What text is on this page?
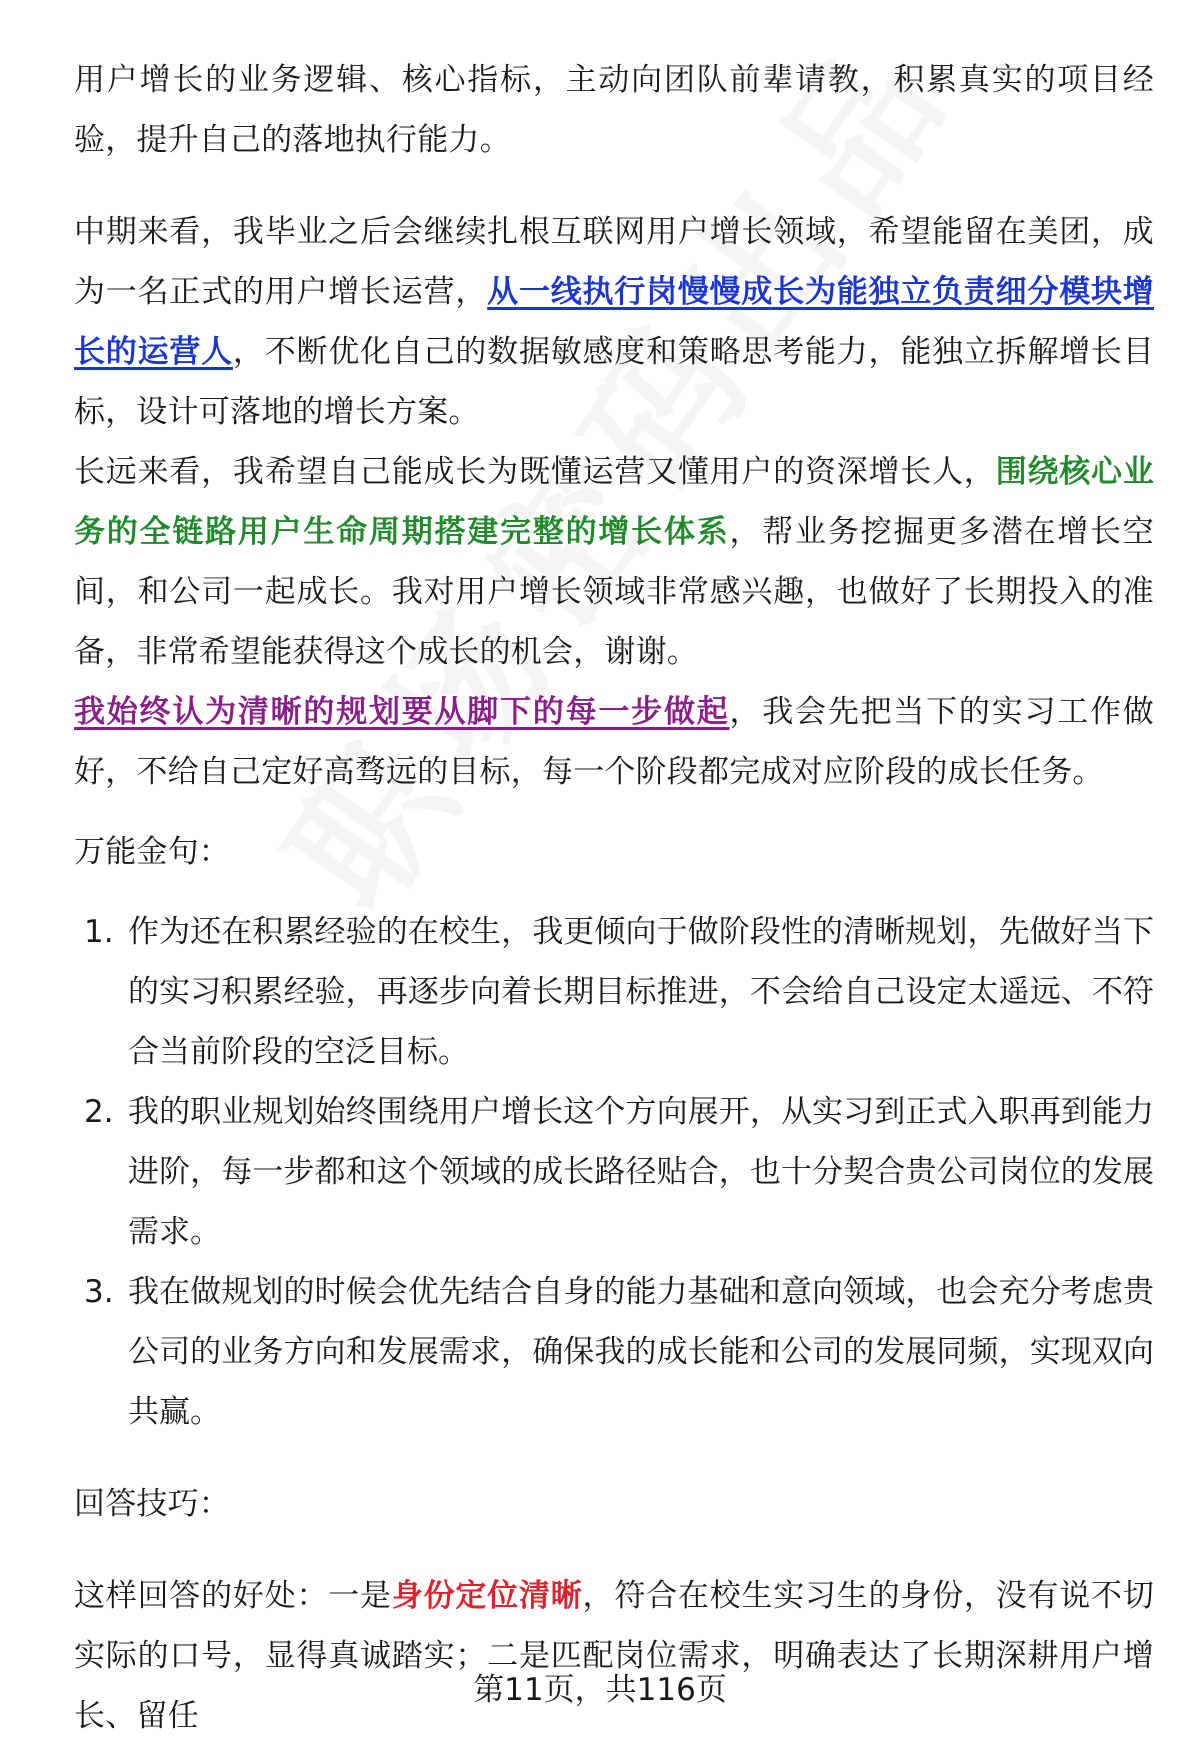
用户增长的业务逻辑、核心指标，主动向团队前辈请教，积累真实的项目经验，提升自己的落地执行能力。

中期来看，我毕业之后会继续扎根互联网用户增长领域，希望能留在美团，成为一名正式的用户增长运营，从一线执行岗慢慢成长为能独立负责细分模块增长的运营人，不断优化自己的数据敏感度和策略思考能力，能独立拆解增长目标，设计可落地的增长方案。

长远来看，我希望自己能成长为既懂运营又懂用户的资深增长人，围绕核心业务的全链路用户生命周期搭建完整的增长体系，帮业务挖掘更多潜在增长空间，和公司一起成长。我对用户增长领域非常感兴趣，也做好了长期投入的准备，非常希望能获得这个成长的机会，谢谢。

我始终认为清晰的规划要从脚下的每一步做起，我会先把当下的实习工作做好，不给自己定好高骛远的目标，每一个阶段都完成对应阶段的成长任务。

万能金句：

1. 作为还在积累经验的在校生，我更倾向于做阶段性的清晰规划，先做好当下的实习积累经验，再逐步向着长期目标推进，不会给自己设定太遥远、不符合当前阶段的空泛目标。
2. 我的职业规划始终围绕用户增长这个方向展开，从实习到正式入职再到能力进阶，每一步都和这个领域的成长路径贴合，也十分契合贵公司岗位的发展需求。
3. 我在做规划的时候会优先结合自身的能力基础和意向领域，也会充分考虑贵公司的业务方向和发展需求，确保我的成长能和公司的发展同频，实现双向共赢。

回答技巧：

这样回答的好处：一是身份定位清晰，符合在校生实习生的身份，没有说不切实际的口号，显得真诚踏实；二是匹配岗位需求，明确表达了长期深耕用户增长、留任

第11页，共116页
